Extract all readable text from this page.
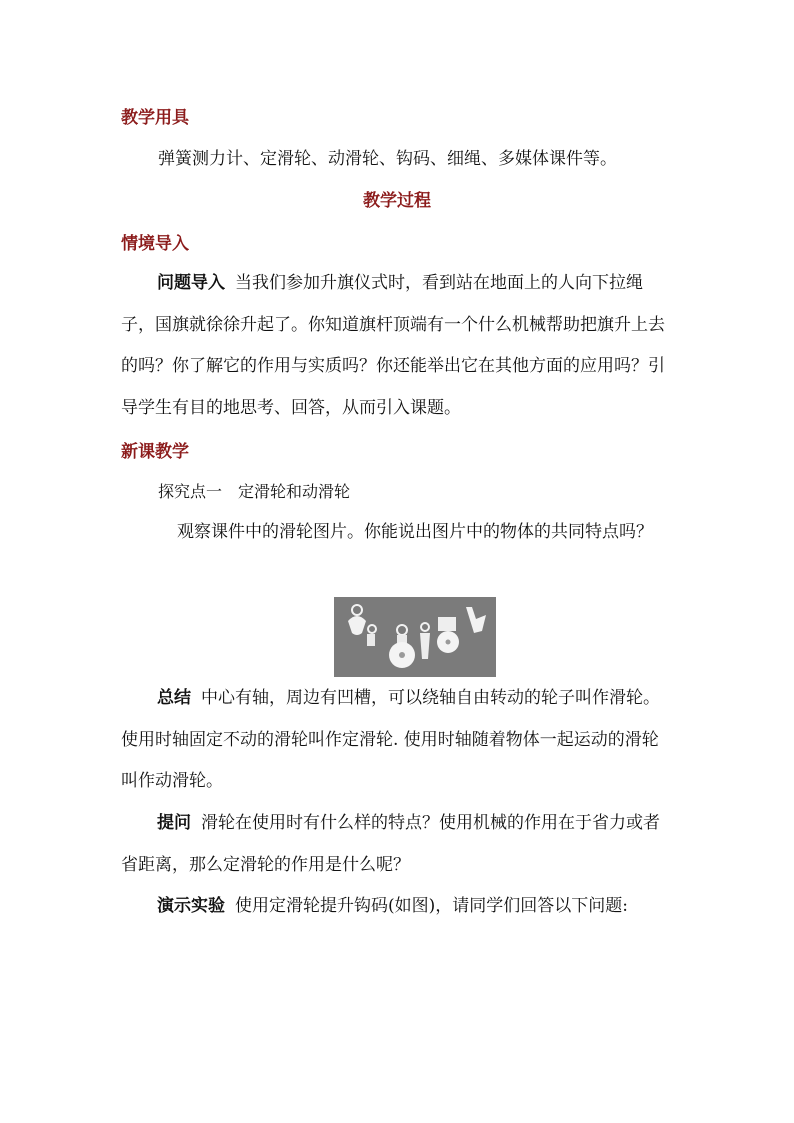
教学用具
弹簧测力计、定滑轮、动滑轮、钩码、细绳、多媒体课件等。
教学过程
情境导入
问题导入 当我们参加升旗仪式时，看到站在地面上的人向下拉绳子，国旗就徐徐升起了。你知道旗杆顶端有一个什么机械帮助把旗升上去的吗？你了解它的作用与实质吗？你还能举出它在其他方面的应用吗？引导学生有目的地思考、回答，从而引入课题。
新课教学
探究点一　定滑轮和动滑轮
观察课件中的滑轮图片。你能说出图片中的物体的共同特点吗？
总结 中心有轴，周边有凹槽，可以绕轴自由转动的轮子叫作滑轮。使用时轴固定不动的滑轮叫作定滑轮. 使用时轴随着物体一起运动的滑轮叫作动滑轮。
提问 滑轮在使用时有什么样的特点？使用机械的作用在于省力或者省距离，那么定滑轮的作用是什么呢？
演示实验 使用定滑轮提升钩码(如图)，请同学们回答以下问题:
